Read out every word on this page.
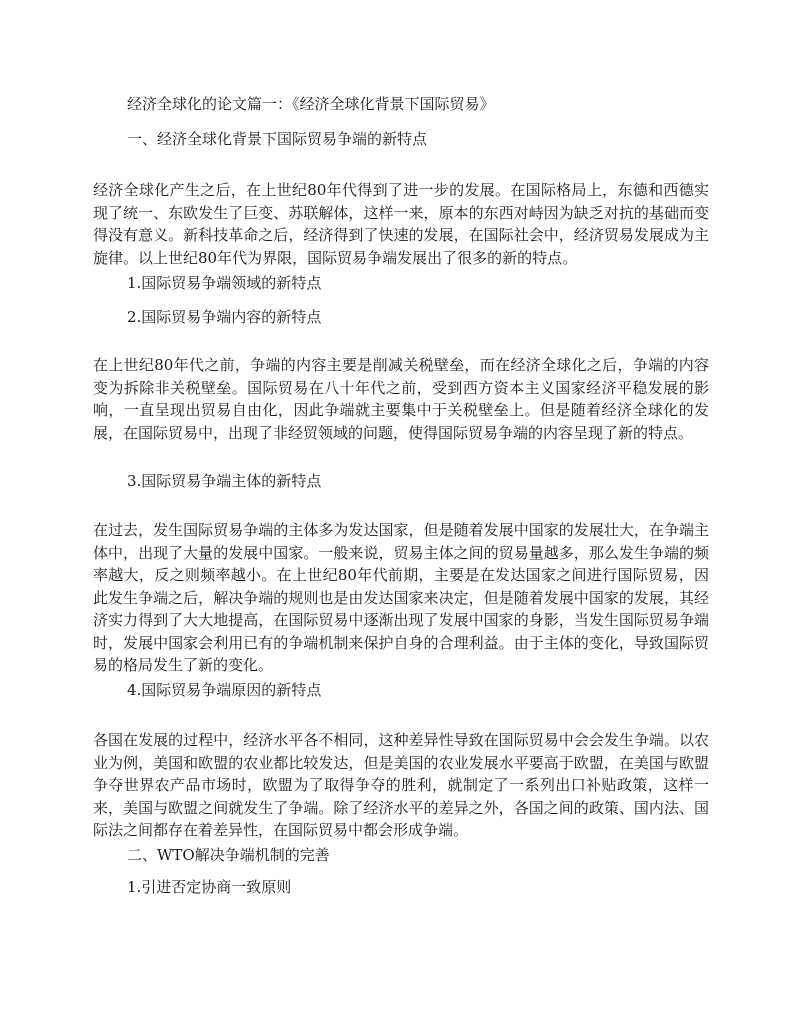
经济全球化的论文篇一：《经济全球化背景下国际贸易》

一、经济全球化背景下国际贸易争端的新特点

经济全球化产生之后，在上世纪80年代得到了进一步的发展。在国际格局上，东德和西德实现了统一、东欧发生了巨变、苏联解体，这样一来，原本的东西对峙因为缺乏对抗的基础而变得没有意义。新科技革命之后，经济得到了快速的发展，在国际社会中，经济贸易发展成为主旋律。以上世纪80年代为界限，国际贸易争端发展出了很多的新的特点。

1.国际贸易争端领域的新特点

2.国际贸易争端内容的新特点

在上世纪80年代之前，争端的内容主要是削减关税壁垒，而在经济全球化之后，争端的内容变为拆除非关税壁垒。国际贸易在八十年代之前，受到西方资本主义国家经济平稳发展的影响，一直呈现出贸易自由化，因此争端就主要集中于关税壁垒上。但是随着经济全球化的发展，在国际贸易中，出现了非经贸领域的问题，使得国际贸易争端的内容呈现了新的特点。

3.国际贸易争端主体的新特点

在过去，发生国际贸易争端的主体多为发达国家，但是随着发展中国家的发展壮大，在争端主体中，出现了大量的发展中国家。一般来说，贸易主体之间的贸易量越多，那么发生争端的频率越大，反之则频率越小。在上世纪80年代前期，主要是在发达国家之间进行国际贸易，因此发生争端之后，解决争端的规则也是由发达国家来决定，但是随着发展中国家的发展，其经济实力得到了大大地提高，在国际贸易中逐渐出现了发展中国家的身影，当发生国际贸易争端时，发展中国家会利用已有的争端机制来保护自身的合理利益。由于主体的变化，导致国际贸易的格局发生了新的变化。

4.国际贸易争端原因的新特点

各国在发展的过程中，经济水平各不相同，这种差异性导致在国际贸易中会会发生争端。以农业为例，美国和欧盟的农业都比较发达，但是美国的农业发展水平要高于欧盟，在美国与欧盟争夺世界农产品市场时，欧盟为了取得争夺的胜利，就制定了一系列出口补贴政策，这样一来，美国与欧盟之间就发生了争端。除了经济水平的差异之外，各国之间的政策、国内法、国际法之间都存在着差异性，在国际贸易中都会形成争端。

二、WTO解决争端机制的完善

1.引进否定协商一致原则
